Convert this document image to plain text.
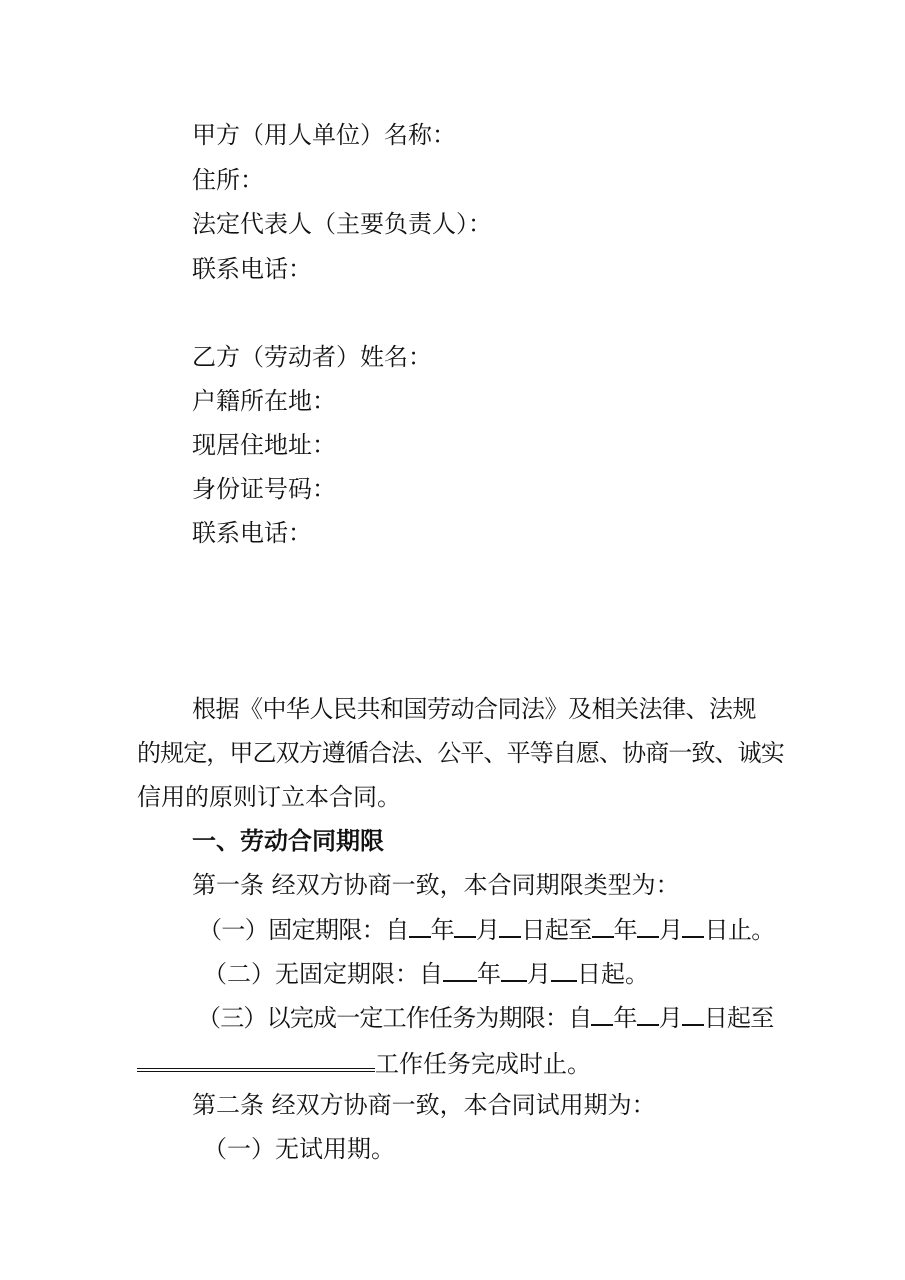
甲方（用人单位）名称：
住所：
法定代表人（主要负责人）：
联系电话：
乙方（劳动者）姓名：
户籍所在地：
现居住地址：
身份证号码：
联系电话：
根据《中华人民共和国劳动合同法》及相关法律、法规
的规定，甲乙双方遵循合法、公平、平等自愿、协商一致、诚实
信用的原则订立本合同。
一、劳动合同期限
第一条 经双方协商一致，本合同期限类型为：
（一）固定期限：自 年 月 日起至 年 月 日止。
（二）无固定期限：自 年 月 日起。
（三）以完成一定工作任务为期限：自 年 月 日起至
工作任务完成时止。
第二条 经双方协商一致，本合同试用期为：
（一）无试用期。
